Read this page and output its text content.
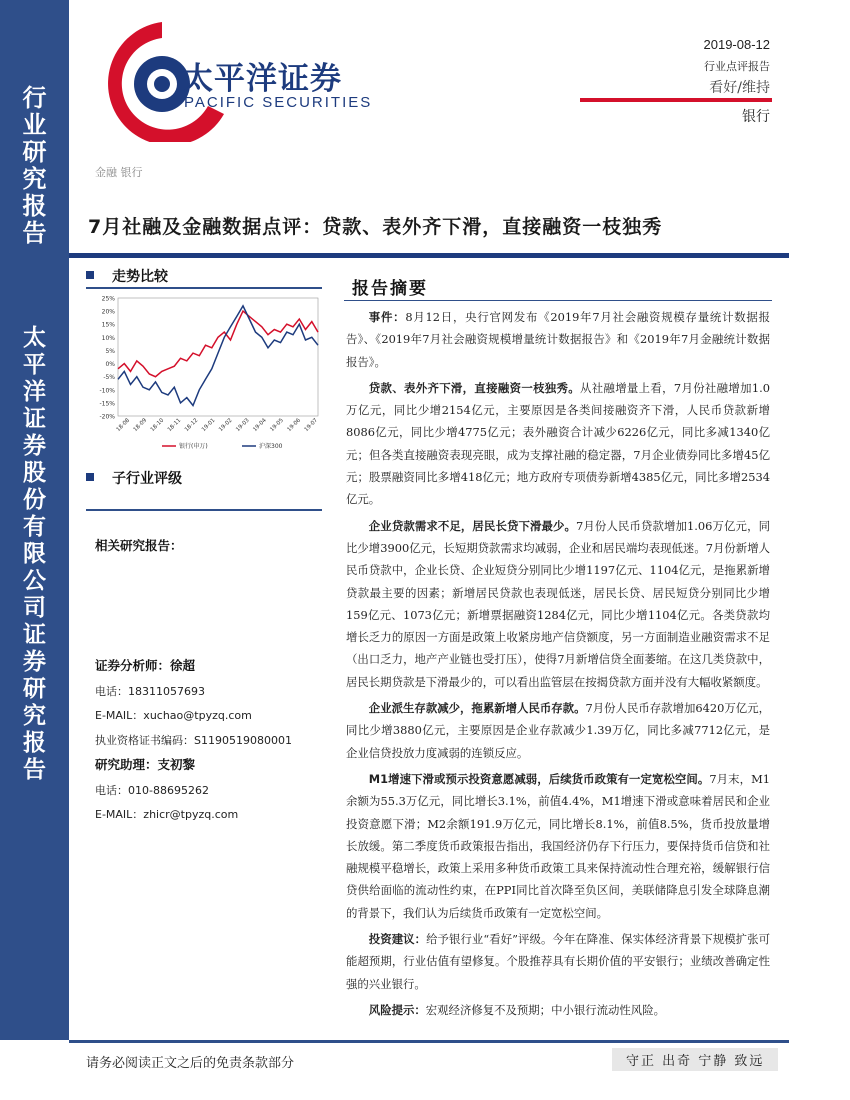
行
业
研
究
报
告
太
平
洋
证
券
股
份
有
限
公
司
证
券
研
究
报
告
太平洋证券
PACIFIC SECURITIES
2019-08-12
行业点评报告
看好/维持
银行
金融 银行
7月社融及金融数据点评：贷款、表外齐下滑，直接融资一枝独秀
走势比较
25%
20%
15%
10%
5%
0%
-5%
-10%
-15%
-20%
18-08 18-09 18-10 18-11 18-12 19-01 19-02 19-03 19-04 19-05 19-06 19-07
银行(申万)	沪深300
子行业评级
相关研究报告：
证券分析师：徐超
电话：18311057693
E-MAIL：xuchao@tpyzq.com
执业资格证书编码：S1190519080001
研究助理：支初黎
电话：010-88695262
E-MAIL：zhicr@tpyzq.com
报告摘要
事件：8月12日，央行官网发布《2019年7月社会融资规模存量统计数据报告》、《2019年7月社会融资规模增量统计数据报告》和《2019年7月金融统计数据报告》。
贷款、表外齐下滑，直接融资一枝独秀。从社融增量上看，7月份社融增加1.0万亿元，同比少增2154亿元，主要原因是各类间接融资齐下滑，人民币贷款新增8086亿元，同比少增4775亿元；表外融资合计减少6226亿元，同比多减1340亿元；但各类直接融资表现亮眼，成为支撑社融的稳定器，7月企业债券同比多增45亿元；股票融资同比多增418亿元；地方政府专项债券新增4385亿元，同比多增2534亿元。
企业贷款需求不足，居民长贷下滑最少。7月份人民币贷款增加1.06万亿元，同比少增3900亿元，长短期贷款需求均减弱，企业和居民端均表现低迷。7月份新增人民币贷款中，企业长贷、企业短贷分别同比少增1197亿元、1104亿元，是拖累新增贷款最主要的因素；新增居民贷款也表现低迷，居民长贷、居民短贷分别同比少增159亿元、1073亿元；新增票据融资1284亿元，同比少增1104亿元。各类贷款均增长乏力的原因一方面是政策上收紧房地产信贷额度，另一方面制造业融资需求不足（出口乏力，地产产业链也受打压），使得7月新增信贷全面萎缩。在这几类贷款中，居民长期贷款是下滑最少的，可以看出监管层在按揭贷款方面并没有大幅收紧额度。
企业派生存款减少，拖累新增人民币存款。7月份人民币存款增加6420万亿元，同比少增3880亿元，主要原因是企业存款减少1.39万亿，同比多减7712亿元，是企业信贷投放力度减弱的连锁反应。
M1增速下滑或预示投资意愿减弱，后续货币政策有一定宽松空间。7月末，M1余额为55.3万亿元，同比增长3.1%，前值4.4%，M1增速下滑或意味着居民和企业投资意愿下滑；M2余额191.9万亿元，同比增长8.1%，前值8.5%，货币投放量增长放缓。第二季度货币政策报告指出，我国经济仍存下行压力，要保持货币信贷和社融规模平稳增长，政策上采用多种货币政策工具来保持流动性合理充裕，缓解银行信贷供给面临的流动性约束，在PPI同比首次降至负区间，美联储降息引发全球降息潮的背景下，我们认为后续货币政策有一定宽松空间。
投资建议：给予银行业“看好”评级。今年在降准、保实体经济背景下规模扩张可能超预期，行业估值有望修复。个股推荐具有长期价值的平安银行；业绩改善确定性强的兴业银行。
风险提示：宏观经济修复不及预期；中小银行流动性风险。
请务必阅读正文之后的免责条款部分	守正 出奇 宁静 致远
